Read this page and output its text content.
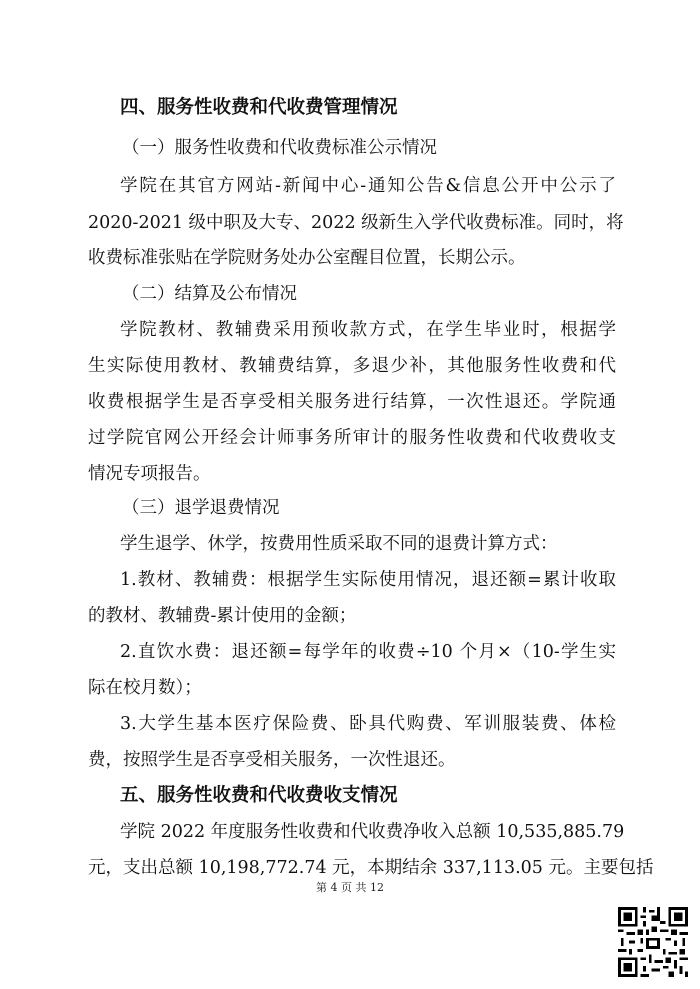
四、服务性收费和代收费管理情况
（一）服务性收费和代收费标准公示情况
学院在其官方网站-新闻中心-通知公告&信息公开中公示了
2020-2021 级中职及大专、2022 级新生入学代收费标准。同时，将
收费标准张贴在学院财务处办公室醒目位置，长期公示。
（二）结算及公布情况
学院教材、教辅费采用预收款方式，在学生毕业时，根据学
生实际使用教材、教辅费结算，多退少补，其他服务性收费和代
收费根据学生是否享受相关服务进行结算，一次性退还。学院通
过学院官网公开经会计师事务所审计的服务性收费和代收费收支
情况专项报告。
（三）退学退费情况
学生退学、休学，按费用性质采取不同的退费计算方式：
1.教材、教辅费：根据学生实际使用情况，退还额=累计收取
的教材、教辅费-累计使用的金额；
2.直饮水费：退还额=每学年的收费÷10 个月×（10-学生实
际在校月数）；
3.大学生基本医疗保险费、卧具代购费、军训服装费、体检
费，按照学生是否享受相关服务，一次性退还。
五、服务性收费和代收费收支情况
学院 2022 年度服务性收费和代收费净收入总额 10,535,885.79
元，支出总额 10,198,772.74 元，本期结余 337,113.05 元。主要包括
第 4 页 共 12
